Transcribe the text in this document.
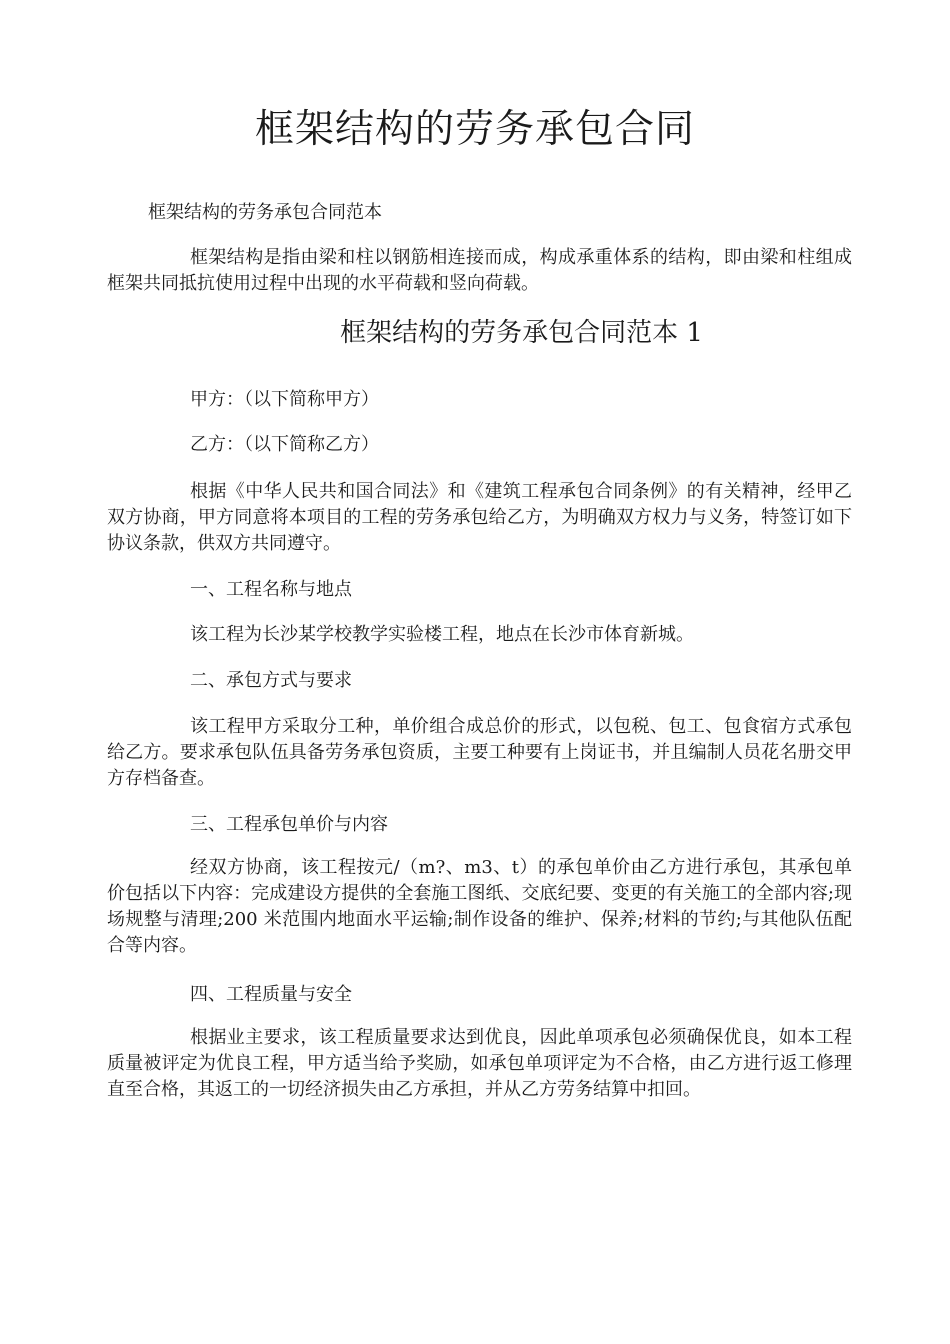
框架结构的劳务承包合同

框架结构的劳务承包合同范本

框架结构是指由梁和柱以钢筋相连接而成，构成承重体系的结构，即由梁和柱组成框架共同抵抗使用过程中出现的水平荷载和竖向荷载。

框架结构的劳务承包合同范本 1

甲方：（以下简称甲方）

乙方：（以下简称乙方）

根据《中华人民共和国合同法》和《建筑工程承包合同条例》的有关精神，经甲乙双方协商，甲方同意将本项目的工程的劳务承包给乙方，为明确双方权力与义务，特签订如下协议条款，供双方共同遵守。

一、工程名称与地点

该工程为长沙某学校教学实验楼工程，地点在长沙市体育新城。

二、承包方式与要求

该工程甲方采取分工种，单价组合成总价的形式，以包税、包工、包食宿方式承包给乙方。要求承包队伍具备劳务承包资质，主要工种要有上岗证书，并且编制人员花名册交甲方存档备查。

三、工程承包单价与内容

经双方协商，该工程按元/（m?、m3、t）的承包单价由乙方进行承包，其承包单价包括以下内容：完成建设方提供的全套施工图纸、交底纪要、变更的有关施工的全部内容;现场规整与清理;200 米范围内地面水平运输;制作设备的维护、保养;材料的节约;与其他队伍配合等内容。

四、工程质量与安全

根据业主要求，该工程质量要求达到优良，因此单项承包必须确保优良，如本工程质量被评定为优良工程，甲方适当给予奖励，如承包单项评定为不合格，由乙方进行返工修理直至合格，其返工的一切经济损失由乙方承担，并从乙方劳务结算中扣回。
